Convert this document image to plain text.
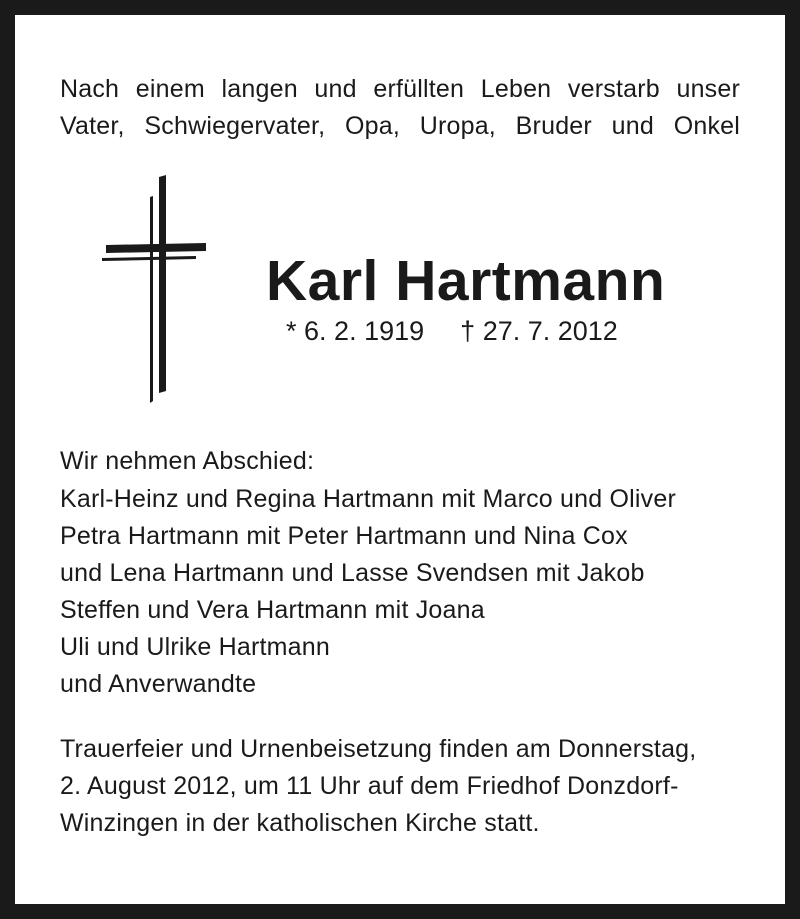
Nach einem langen und erfüllten Leben verstarb unser
Vater, Schwiegervater, Opa, Uropa, Bruder und Onkel
Karl Hartmann
* 6. 2. 1919 † 27. 7. 2012
Wir nehmen Abschied:
Karl-Heinz und Regina Hartmann mit Marco und Oliver
Petra Hartmann mit Peter Hartmann und Nina Cox
und Lena Hartmann und Lasse Svendsen mit Jakob
Steffen und Vera Hartmann mit Joana
Uli und Ulrike Hartmann
und Anverwandte
Trauerfeier und Urnenbeisetzung finden am Donnerstag,
2. August 2012, um 11 Uhr auf dem Friedhof Donzdorf-
Winzingen in der katholischen Kirche statt.
